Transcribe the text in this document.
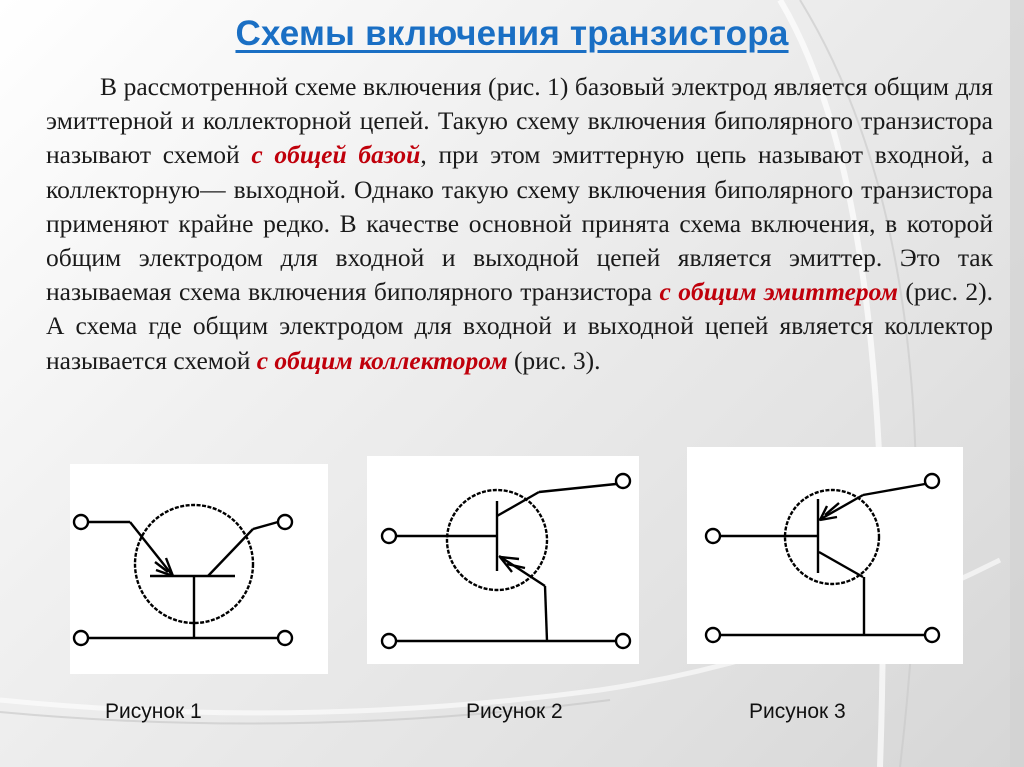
Схемы включения транзистора
В рассмотренной схеме включения (рис. 1) базовый электрод является общим для эмиттерной и коллекторной цепей. Такую схему включения биполярного транзистора называют схемой с общей базой, при этом эмиттерную цепь называют входной, а коллекторную— выходной. Однако такую схему включения биполярного транзистора применяют крайне редко. В качестве основной принята схема включения, в которой общим электродом для входной и выходной цепей является эмиттер. Это так называемая схема включения биполярного транзистора с общим эмиттером (рис. 2). А схема где общим электродом для входной и выходной цепей является коллектор называется схемой с общим коллектором (рис. 3).
Рисунок 1	Рисунок 2	Рисунок 3
